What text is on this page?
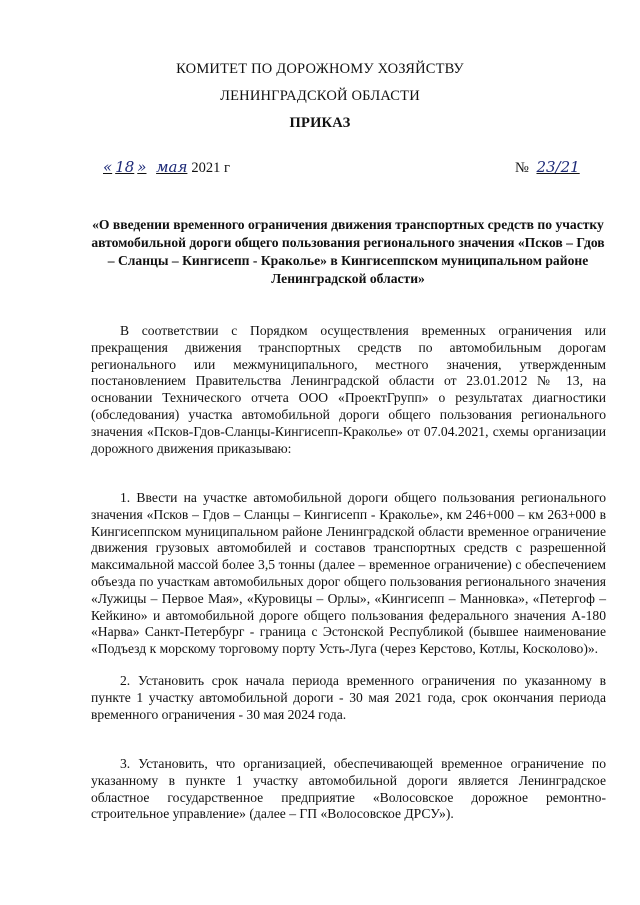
КОМИТЕТ ПО ДОРОЖНОМУ ХОЗЯЙСТВУ
ЛЕНИНГРАДСКОЙ ОБЛАСТИ
ПРИКАЗ
« 18 » мая 2021 г	№ 23/21
«О введении временного ограничения движения транспортных средств по участку автомобильной дороги общего пользования регионального значения «Псков – Гдов – Сланцы – Кингисепп - Краколье» в Кингисеппском муниципальном районе Ленинградской области»

В соответствии с Порядком осуществления временных ограничения или прекращения движения транспортных средств по автомобильным дорогам регионального или межмуниципального, местного значения, утвержденным постановлением Правительства Ленинградской области от 23.01.2012 № 13, на основании Технического отчета ООО «ПроектГрупп» о результатах диагностики (обследования) участка автомобильной дороги общего пользования регионального значения «Псков-Гдов-Сланцы-Кингисепп-Краколье» от 07.04.2021, схемы организации дорожного движения приказываю:

1. Ввести на участке автомобильной дороги общего пользования регионального значения «Псков – Гдов – Сланцы – Кингисепп - Краколье», км 246+000 – км 263+000 в Кингисеппском муниципальном районе Ленинградской области временное ограничение движения грузовых автомобилей и составов транспортных средств с разрешенной максимальной массой более 3,5 тонны (далее – временное ограничение) с обеспечением объезда по участкам автомобильных дорог общего пользования регионального значения «Лужицы – Первое Мая», «Куровицы – Орлы», «Кингисепп – Манновка», «Петергоф – Кейкино» и автомобильной дороге общего пользования федерального значения А-180 «Нарва» Санкт-Петербург - граница с Эстонской Республикой (бывшее наименование «Подъезд к морскому торговому порту Усть-Луга (через Керстово, Котлы, Косколово)».

2. Установить срок начала периода временного ограничения по указанному в пункте 1 участку автомобильной дороги - 30 мая 2021 года, срок окончания периода временного ограничения - 30 мая 2024 года.

3. Установить, что организацией, обеспечивающей временное ограничение по указанному в пункте 1 участку автомобильной дороги является Ленинградское областное государственное предприятие «Волосовское дорожное ремонтно-строительное управление» (далее – ГП «Волосовское ДРСУ»).
